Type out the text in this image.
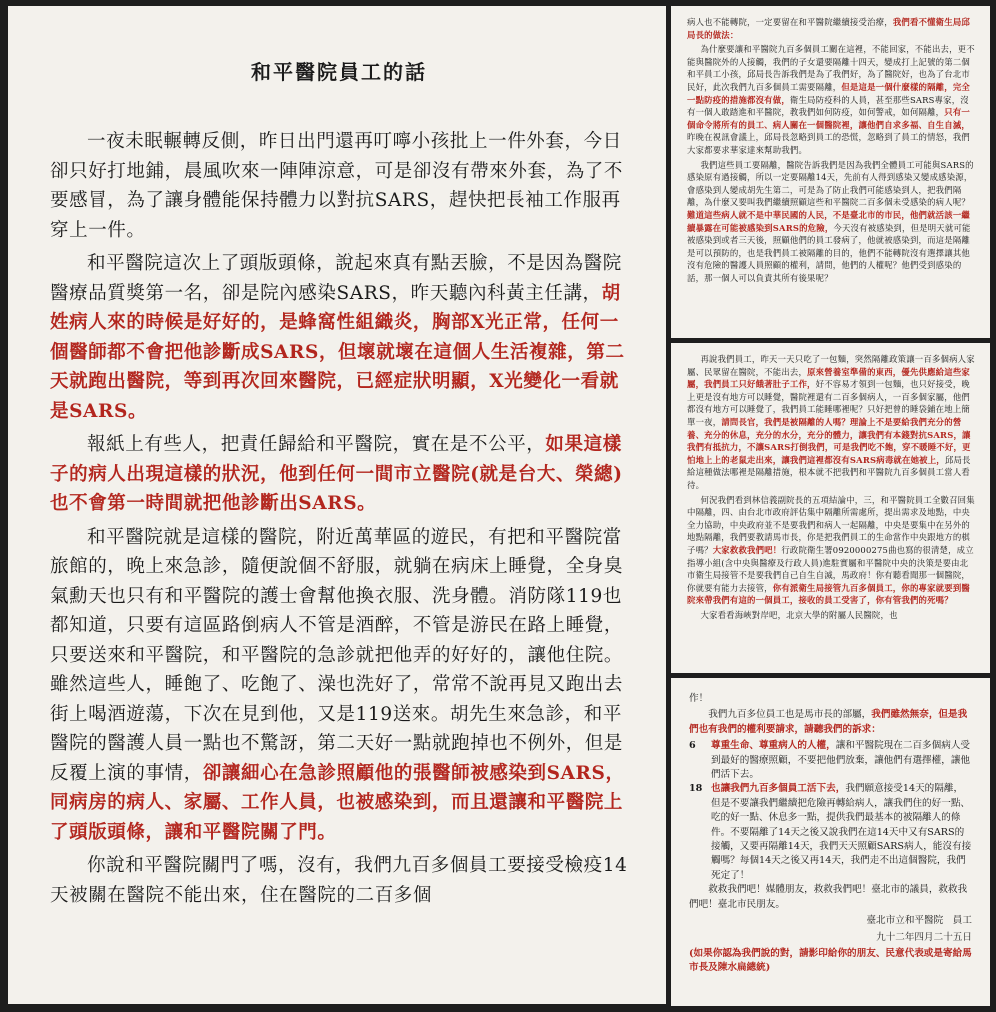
和平醫院員工的話

一夜未眠輾轉反側，昨日出門還再叮嚀小孩批上一件外套，今日卻只好打地鋪，晨風吹來一陣陣涼意，可是卻沒有帶來外套，為了不要感冒，為了讓身體能保持體力以對抗SARS，趕快把長袖工作服再穿上一件。

和平醫院這次上了頭版頭條，說起來真有點丟臉，不是因為醫院醫療品質獎第一名，卻是院內感染SARS，昨天聽內科黃主任講，胡姓病人來的時候是好好的，是蜂窩性組織炎，胸部X光正常，任何一個醫師都不會把他診斷成SARS，但壞就壞在這個人生活複雜，第二天就跑出醫院，等到再次回來醫院，已經症狀明顯，X光變化一看就是SARS。

報紙上有些人，把責任歸給和平醫院，實在是不公平，如果這樣子的病人出現這樣的狀況，他到任何一間市立醫院(就是台大、榮總)也不會第一時間就把他診斷出SARS。

和平醫院就是這樣的醫院，附近萬華區的遊民，有把和平醫院當旅館的，晚上來急診，隨便說個不舒服，就躺在病床上睡覺，全身臭氣勳天也只有和平醫院的護士會幫他換衣服、洗身體。消防隊119也都知道，只要有這區路倒病人不管是酒醉，不管是游民在路上睡覺，只要送來和平醫院，和平醫院的急診就把他弄的好好的，讓他住院。雖然這些人，睡飽了、吃飽了、澡也洗好了，常常不說再見又跑出去街上喝酒遊蕩，下次在見到他，又是119送來。胡先生來急診，和平醫院的醫護人員一點也不驚訝，第二天好一點就跑掉也不例外，但是反覆上演的事情，卻讓細心在急診照顧他的張醫師被感染到SARS，同病房的病人、家屬、工作人員，也被感染到，而且還讓和平醫院上了頭版頭條，讓和平醫院關了門。

你說和平醫院關門了嗎，沒有，我們九百多個員工要接受檢疫14天被關在醫院不能出來，住在醫院的二百多個

病人也不能轉院，一定要留在和平醫院繼續接受治療，我們看不懂衛生局邱局長的做法：

為什麼要讓和平醫院九百多個員工關在這裡，不能回家，不能出去，更不能與醫院外的人接觸，我們的子女還要隔離十四天，變成打上記號的第二個和平員工小孩，邱局長告訴我們是為了我們好，為了醫院好，也為了台北市民好，此次我們九百多個員工需要隔離，但是這是一個什麼樣的隔離，完全一點防疫的措施都沒有做，衛生局防疫科的人員，甚至那些SARS專家，沒有一個人敢踏進和平醫院，教我們如何防疫，如何警戒，如何隔離，只有一個命令將所有的員工、病人關在一個醫院裡，讓他們自求多福、自生自滅，昨晚在視訊會議上，邱局長忽略到員工的恐慌，忽略到了員工的情怒，我們大家都要求華家達來幫助我們。

我們這些員工要隔離，醫院告訴我們是因為我們全體員工可能與SARS的感染原有過接觸，所以一定要隔離14天，先前有人得到感染又變成感染源，會感染到人變成胡先生第二，可是為了防止我們可能感染到人，把我們隔離，為什麼又要叫我們繼續照顧這些和平醫院二百多個未受感染的病人呢？難道這些病人就不是中華民國的人民，不是臺北市的市民，他們就活該一繼續暴露在可能被感染到SARS的危險，今天沒有被感染到，但是明天就可能被感染到或者三天後，照顧他們的員工發病了，他就被感染到，而這是隔離是可以預防的，也是我們員工被隔離的目的，他們不能轉院沒有選擇讓其他沒有危險的醫護人員照顧的權利，請問，他們的人權呢？他們受到感染的話，那一個人可以負責其所有後果呢？

再說我們員工，昨天一天只吃了一包麵，突然隔離政策讓一百多個病人家屬、民眾留在醫院，不能出去，原來營養室準備的東西，優先供應給這些家屬，我們員工只好餓著肚子工作，好不容易才領到一包麵，也只好接受，晚上更是沒有地方可以睡覺，醫院裡還有二百多個病人，一百多個家屬，他們都沒有地方可以睡覺了，我們員工能睡哪裡呢？只好把曾的睡袋鋪在地上簡單一夜，請問長官，我們是被隔離的人嗎？理論上不是要給我們充分的營養、充分的休息，充分的水分，充分的體力，讓我們有本錢對抗SARS，讓我們有抵抗力，不讓SARS打倒我們，可是我們吃不飽，穿不暖睡不好，更怕地上上的老鼠走出來，讓我們這裡都沒有SARS病毒就在她被上，邱局長給這種做法哪裡是隔離措施，根本就不把我們和平醫院九百多個員工當人看待。

何況我們看到林信義副院長的五項結論中，三，和平醫院員工全數召回集中隔離，四、由台北市政府評估集中隔離所需處所，提出需求及地點，中央全力協助，中央政府並不是要我們和病人一起隔離，中央是要集中在另外的地點隔離，我們要教請馬市長，你是把我們員工的生命當作中央跟地方的棋子嗎？大家救救我們吧！行政院衛生署0920000275曲也寫的很清楚，成立指導小組(含中央與醫療及行政人員)進駐實屬和平醫院中央的決策是要由北市衛生局接管不是要我們自己自生自滅，馬政府！你有聽看聞那一個醫院，你就要有能力去接管，你有派衛生局接管九百多個員工，你的專家就要到醫院來帶我們有這的一個員工，接收的員工受害了，你有管我們的死嗎？

大家看看海峽對岸吧，北京大學的附屬人民醫院，也

作！

我們九百多位員工也是馬市長的部屬，我們雖然無奈，但是我們也有我們的權利要請求，請聽我們的訴求：

6	尊重生命、尊重病人的人權，讓和平醫院現在二百多個病人受到最好的醫療照顧，不要把他們放棄，讓他們有選擇權，讓他們活下去。
18 也讓我們九百多個員工活下去，我們願意接受14天的隔離，但是不要讓我們繼續把危險再轉給病人，讓我們住的好一點、吃的好一點、休息多一點，提供我們最基本的被隔離人的條件。不要隔離了14天之後又說我們在這14天中又有SARS的接觸，又要再隔離14天，我們天天照顧SARS病人，能沒有接觸嗎？每個14天之後又再14天，我們走不出這個醫院，我們死定了！

救救我們吧！媒體朋友，救救我們吧！臺北市的議員，救救我們吧！臺北市民朋友。

臺北市立和平醫院　員工

九十二年四月二十五日

(如果你認為我們說的對，請影印給你的朋友、民意代表或是寄給馬市長及陳水扁總統)
